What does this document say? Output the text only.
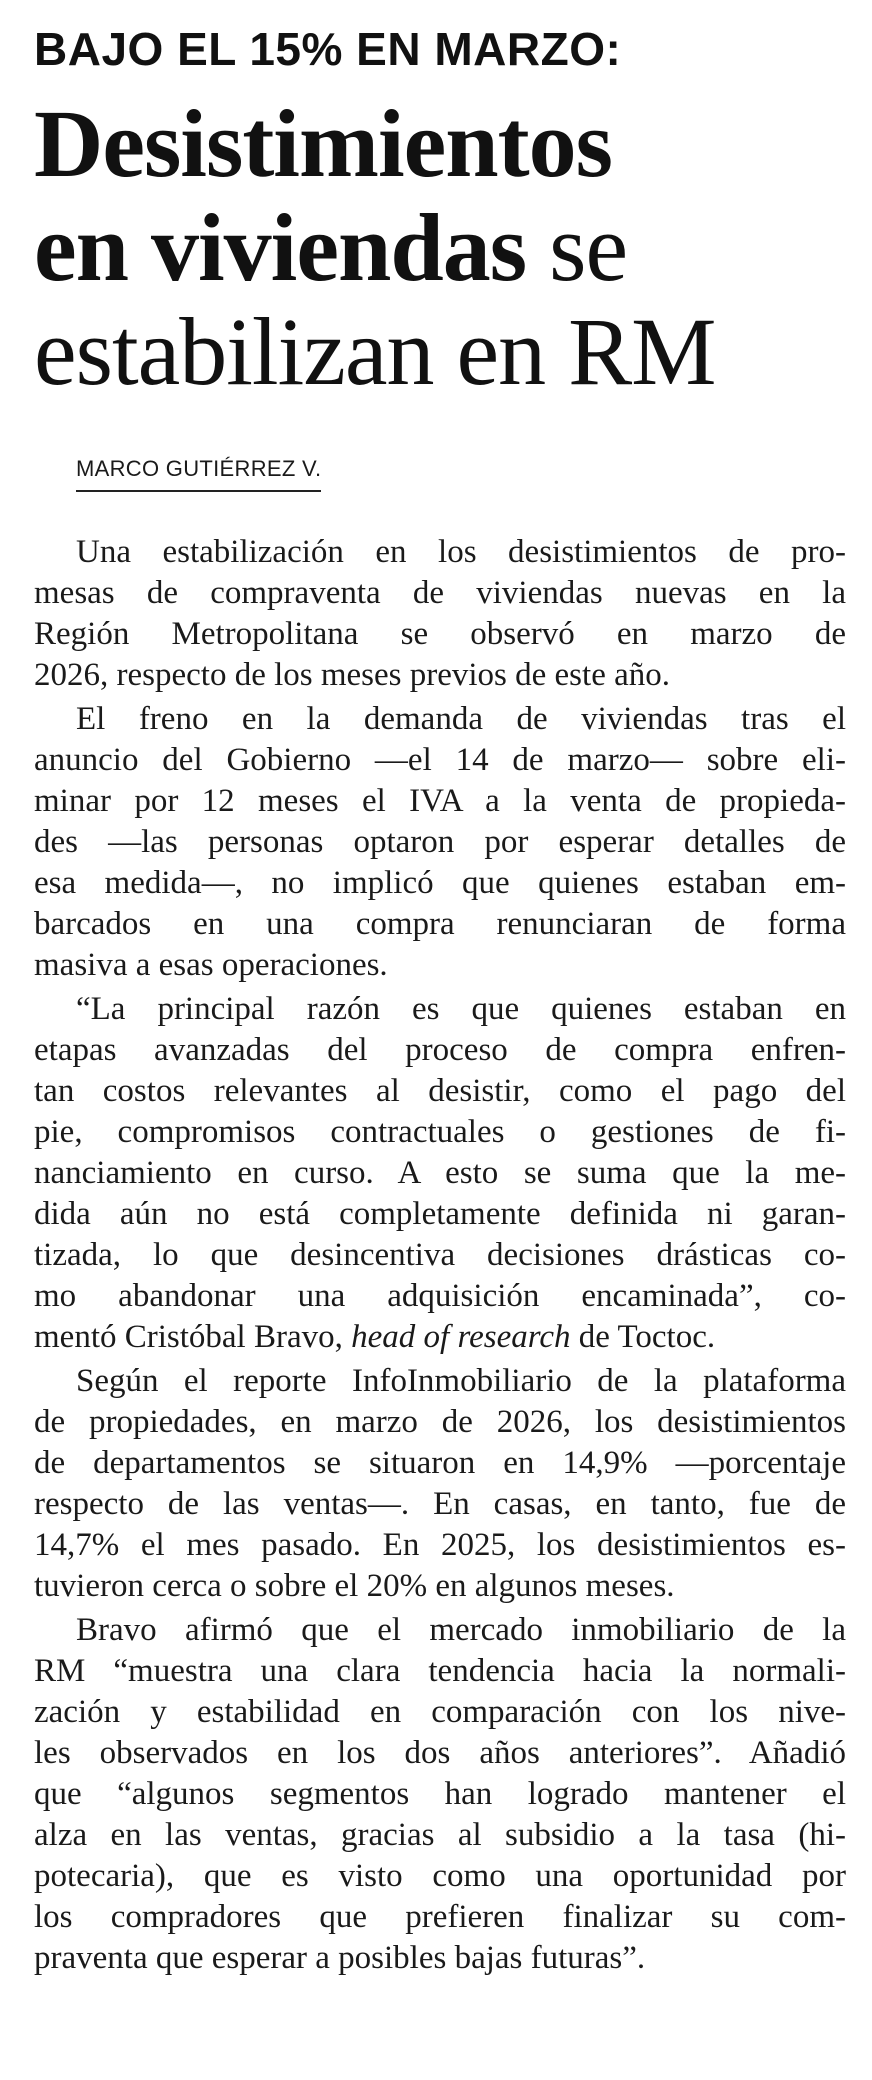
BAJO EL 15% EN MARZO:
Desistimientos
en viviendas se
estabilizan en RM
MARCO GUTIÉRREZ V.

Una estabilización en los desistimientos de pro-
mesas de compraventa de viviendas nuevas en la
Región Metropolitana se observó en marzo de
2026, respecto de los meses previos de este año.

El freno en la demanda de viviendas tras el
anuncio del Gobierno —el 14 de marzo— sobre eli-
minar por 12 meses el IVA a la venta de propieda-
des —las personas optaron por esperar detalles de
esa medida—, no implicó que quienes estaban em-
barcados en una compra renunciaran de forma
masiva a esas operaciones.

“La principal razón es que quienes estaban en
etapas avanzadas del proceso de compra enfren-
tan costos relevantes al desistir, como el pago del
pie, compromisos contractuales o gestiones de fi-
nanciamiento en curso. A esto se suma que la me-
dida aún no está completamente definida ni garan-
tizada, lo que desincentiva decisiones drásticas co-
mo abandonar una adquisición encaminada”, co-
mentó Cristóbal Bravo, head of research de Toctoc.

Según el reporte InfoInmobiliario de la plataforma
de propiedades, en marzo de 2026, los desistimientos
de departamentos se situaron en 14,9% —porcentaje
respecto de las ventas—. En casas, en tanto, fue de
14,7% el mes pasado. En 2025, los desistimientos es-
tuvieron cerca o sobre el 20% en algunos meses.

Bravo afirmó que el mercado inmobiliario de la
RM “muestra una clara tendencia hacia la normali-
zación y estabilidad en comparación con los nive-
les observados en los dos años anteriores”. Añadió
que “algunos segmentos han logrado mantener el
alza en las ventas, gracias al subsidio a la tasa (hi-
potecaria), que es visto como una oportunidad por
los compradores que prefieren finalizar su com-
praventa que esperar a posibles bajas futuras”.
